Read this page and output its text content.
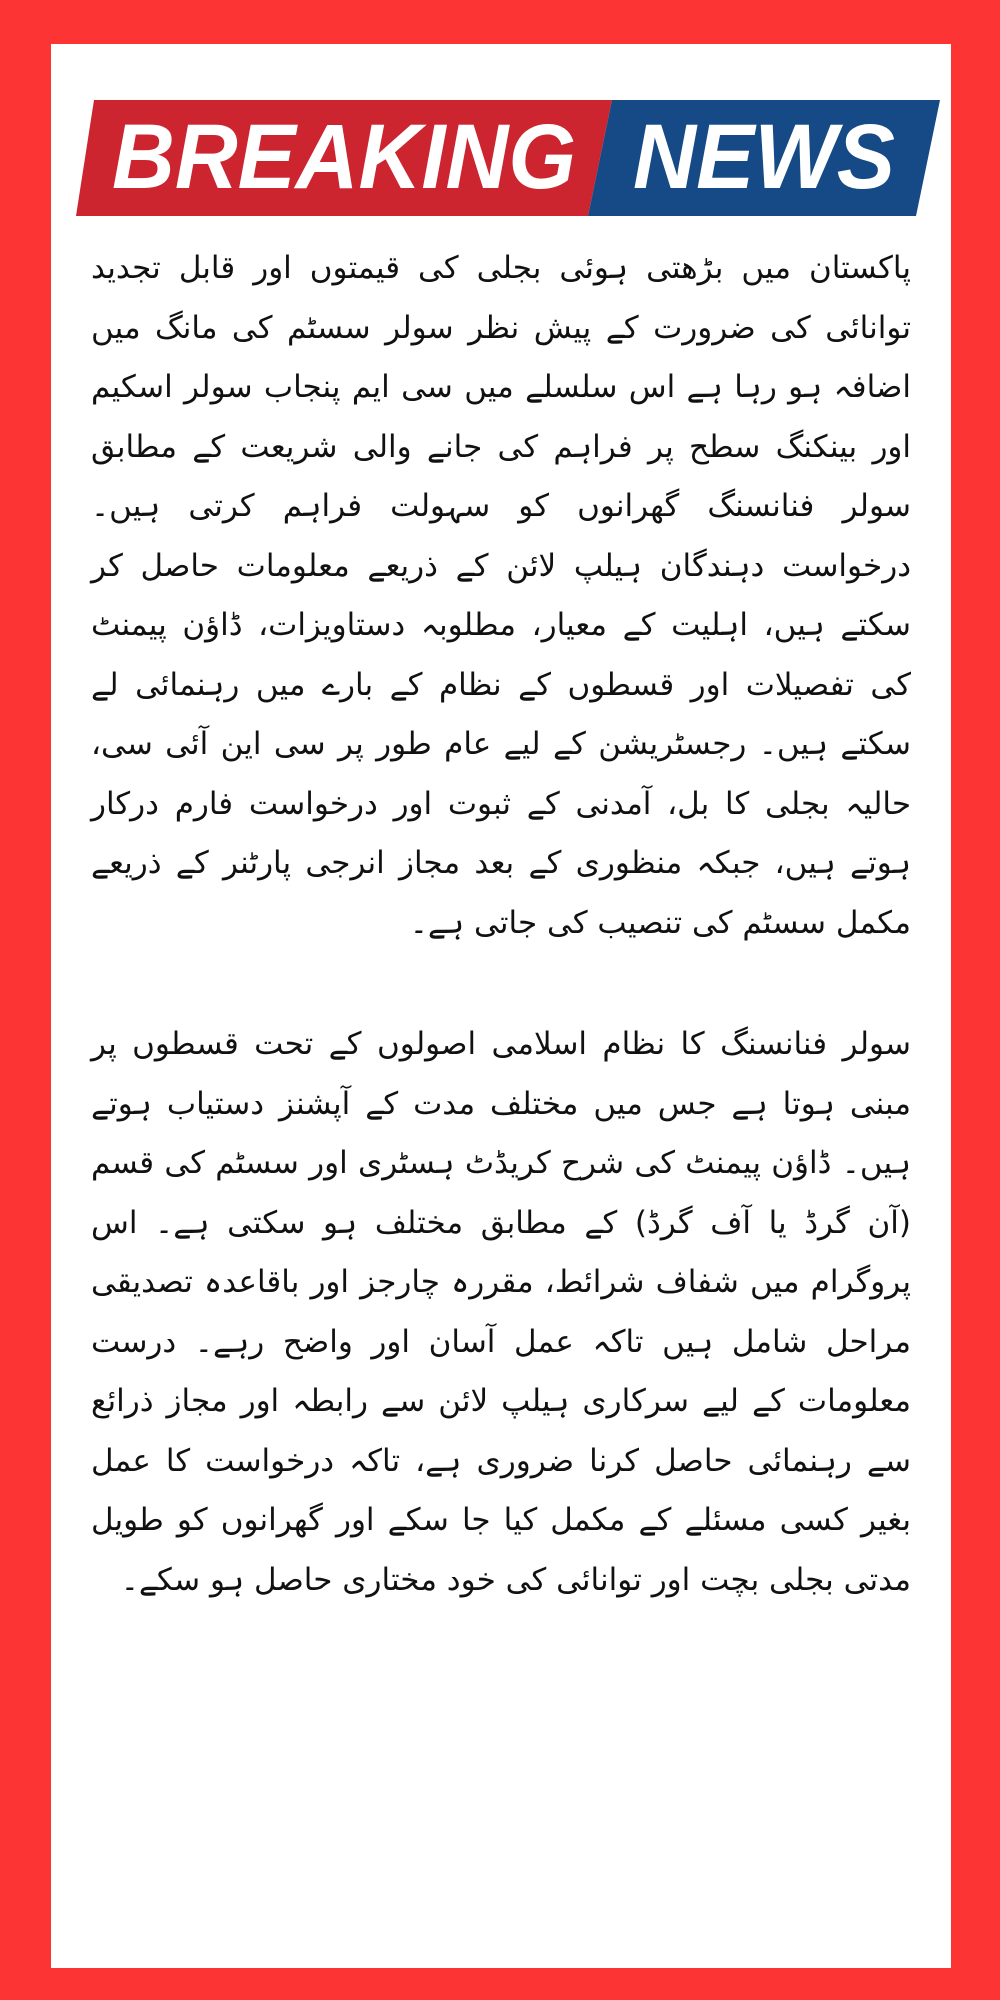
BREAKING NEWS

پاکستان میں بڑھتی ہوئی بجلی کی قیمتوں اور قابل تجدید توانائی کی ضرورت کے پیش نظر سولر سسٹم کی مانگ میں اضافہ ہو رہا ہے اس سلسلے میں سی ایم پنجاب سولر اسکیم اور بینکنگ سطح پر فراہم کی جانے والی شریعت کے مطابق سولر فنانسنگ گھرانوں کو سہولت فراہم کرتی ہیں۔ درخواست دہندگان ہیلپ لائن کے ذریعے معلومات حاصل کر سکتے ہیں، اہلیت کے معیار، مطلوبہ دستاویزات، ڈاؤن پیمنٹ کی تفصیلات اور قسطوں کے نظام کے بارے میں رہنمائی لے سکتے ہیں۔ رجسٹریشن کے لیے عام طور پر سی این آئی سی، حالیہ بجلی کا بل، آمدنی کے ثبوت اور درخواست فارم درکار ہوتے ہیں، جبکہ منظوری کے بعد مجاز انرجی پارٹنر کے ذریعے مکمل سسٹم کی تنصیب کی جاتی ہے۔

سولر فنانسنگ کا نظام اسلامی اصولوں کے تحت قسطوں پر مبنی ہوتا ہے جس میں مختلف مدت کے آپشنز دستیاب ہوتے ہیں۔ ڈاؤن پیمنٹ کی شرح کریڈٹ ہسٹری اور سسٹم کی قسم (آن گرڈ یا آف گرڈ) کے مطابق مختلف ہو سکتی ہے۔ اس پروگرام میں شفاف شرائط، مقررہ چارجز اور باقاعدہ تصدیقی مراحل شامل ہیں تاکہ عمل آسان اور واضح رہے۔ درست معلومات کے لیے سرکاری ہیلپ لائن سے رابطہ اور مجاز ذرائع سے رہنمائی حاصل کرنا ضروری ہے، تاکہ درخواست کا عمل بغیر کسی مسئلے کے مکمل کیا جا سکے اور گھرانوں کو طویل مدتی بجلی بچت اور توانائی کی خود مختاری حاصل ہو سکے۔
